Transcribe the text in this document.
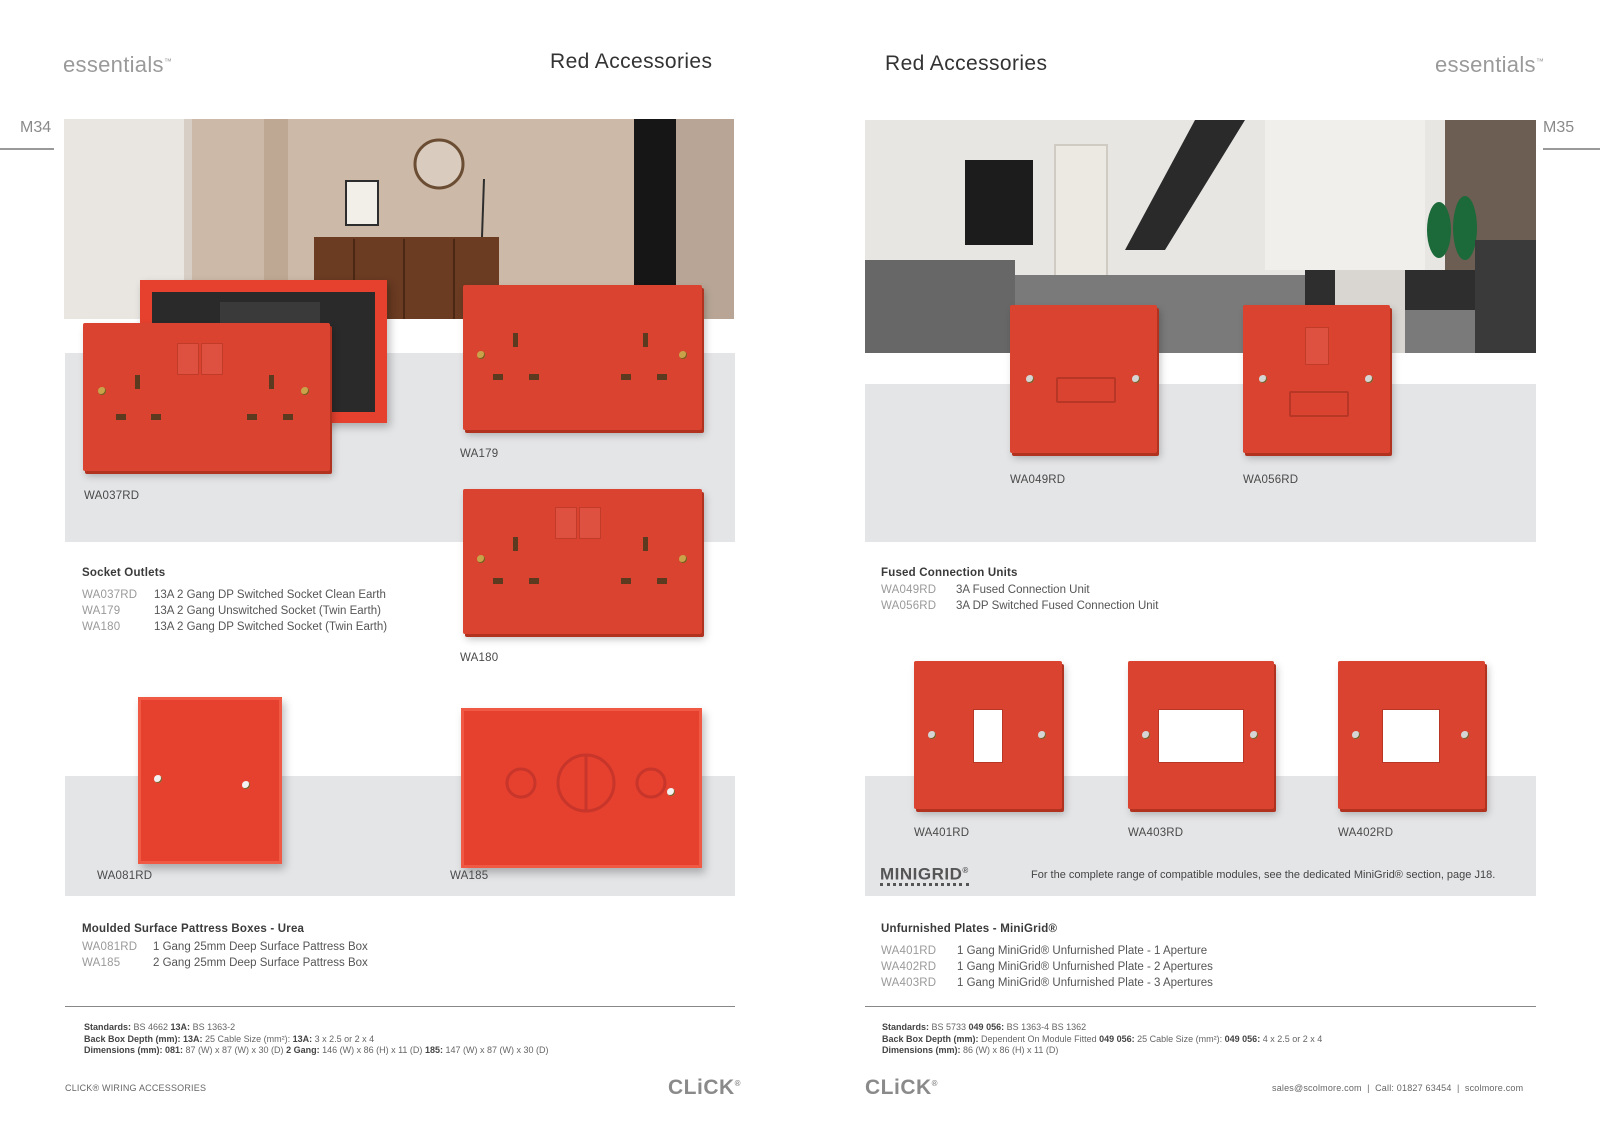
essentials™	Red Accessories
M34
WA037RD
WA179
WA180
Socket Outlets
WA037RD 13A 2 Gang DP Switched Socket Clean Earth
WA179	13A 2 Gang Unswitched Socket (Twin Earth)
WA180	13A 2 Gang DP Switched Socket (Twin Earth)
WA081RD	WA185
Moulded Surface Pattress Boxes - Urea
WA081RD 1 Gang 25mm Deep Surface Pattress Box
WA185	2 Gang 25mm Deep Surface Pattress Box
Standards: BS 4662 13A: BS 1363-2
Back Box Depth (mm): 13A: 25 Cable Size (mm²): 13A: 3 x 2.5 or 2 x 4
Dimensions (mm): 081: 87 (W) x 87 (W) x 30 (D) 2 Gang: 146 (W) x 86 (H) x 11 (D) 185: 147 (W) x 87 (W) x 30 (D)
CLICK® WIRING ACCESSORIES	CLiCK®
Red Accessories	essentials™
M35
WA049RD	WA056RD
Fused Connection Units
WA049RD 3A Fused Connection Unit
WA056RD 3A DP Switched Fused Connection Unit
WA401RD	WA403RD	WA402RD
MINIGRID®	For the complete range of compatible modules, see the dedicated MiniGrid® section, page J18.
Unfurnished Plates - MiniGrid®
WA401RD 1 Gang MiniGrid® Unfurnished Plate - 1 Aperture
WA402RD 1 Gang MiniGrid® Unfurnished Plate - 2 Apertures
WA403RD 1 Gang MiniGrid® Unfurnished Plate - 3 Apertures
Standards: BS 5733 049 056: BS 1363-4 BS 1362
Back Box Depth (mm): Dependent On Module Fitted 049 056: 25 Cable Size (mm²): 049 056: 4 x 2.5 or 2 x 4
Dimensions (mm): 86 (W) x 86 (H) x 11 (D)
CLiCK®	sales@scolmore.com  |  Call: 01827 63454  |  scolmore.com
